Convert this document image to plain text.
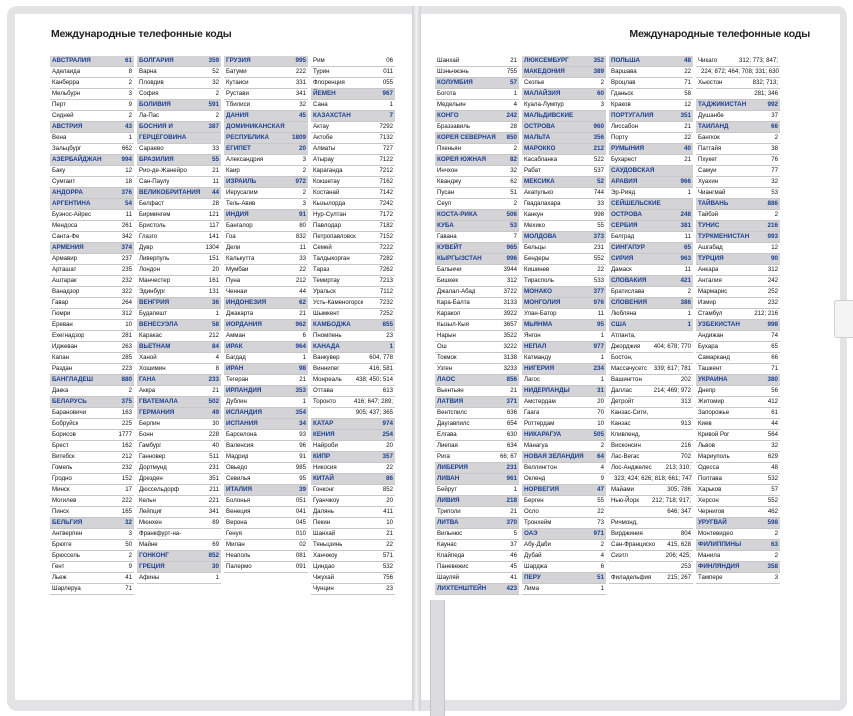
Международные телефонные коды
АВСТРАЛИЯ	61
Аделаида	8
Канберра	2
Мельбурн	3
Перт	9
Сидней	2
АВСТРИЯ	43
Вена	1
Зальцбург	662
АЗЕРБАЙДЖАН	994
Баку	12
Сумгаит	18
АНДОРРА	376
АРГЕНТИНА	54
Буэнос-Айрес	11
Мендоса	261
Санта-Фе	342
АРМЕНИЯ	374
Армавир	237
Арташат	235
Аштарак	232
Ванадзор	322
Гавар	264
Гюмри	312
Ереван	10
Ехегнадзор	281
Иджеван	263
Капан	285
Раздан	223
БАНГЛАДЕШ	880
Дакка	2
БЕЛАРУСЬ	375
Барановичи	163
Бобруйск	225
Борисов	1777
Брест	162
Витебск	212
Гомель	232
Гродно	152
Минск	17
Могилев	222
Пинск	165
БЕЛЬГИЯ	32
Антверпен	3
Брюгге	50
Брюссель	2
Гент	9
Льеж	41
Шарлеруа	71
БОЛГАРИЯ	359
Варна	52
Пловдив	32
София	2
БОЛИВИЯ	591
Ла-Пас	2
БОСНИЯ И	387
ГЕРЦЕГОВИНА
Сараево	33
БРАЗИЛИЯ	55
Рио-де-Жанейро	21
Сан-Паулу	11
ВЕЛИКОБРИТАНИЯ 44
Белфаст	28
Бирмингем	121
Бристоль	117
Глазго	141
Дувр	1304
Ливерпуль	151
Лондон	20
Манчестер	161
Эдинбург	131
ВЕНГРИЯ	36
Будапешт	1
ВЕНЕСУЭЛА	58
Каракас	212
ВЬЕТНАМ	84
Ханой	4
Хошимин	8
ГАНА	233
Аккра	21
ГВАТЕМАЛА	502
ГЕРМАНИЯ	49
Берлин	30
Бонн	228
Гамбург	40
Ганновер	511
Дортмунд	231
Дрезден	351
Дюссельдорф	211
Кельн	221
Лейпциг	341
Мюнхен	89
Франкфурт-на-
Майне	69
ГОНКОНГ	852
ГРЕЦИЯ	30
Афины	1
ГРУЗИЯ	995
Батуми	222
Кутаиси	331
Рустави	341
Тбилиси	32
ДАНИЯ	45
ДОМИНИКАНСКАЯ
РЕСПУБЛИКА	1809
ЕГИПЕТ	20
Александрия	3
Каир	2
ИЗРАИЛЬ	972
Иерусалим	2
Тель-Авив	3
ИНДИЯ	91
Бангалор	80
Гоа	832
Дели	11
Калькутта	33
Мумбаи	22
Пуна	212
Ченнаи	44
ИНДОНЕЗИЯ	62
Джакарта	21
ИОРДАНИЯ	962
Амман	6
ИРАК	964
Багдад	1
ИРАН	98
Тегеран	21
ИРЛАНДИЯ	353
Дублин	1
ИСЛАНДИЯ	354
ИСПАНИЯ	34
Барселона	93
Валенсия	96
Мадрид	91
Овьедо	985
Севилья	95
ИТАЛИЯ	39
Болонья	051
Венеция	041
Верона	045
Генуя	010
Милан	02
Неаполь	081
Палермо	091
Рим	06
Турин	011
Флоренция	055
ЙЕМЕН	967
Сана	1
КАЗАХСТАН	7
Актау	7292
Актобе	7132
Алматы	727
Атырау	7122
Караганда	7212
Кокшетау	7162
Костанай	7142
Кызылорда	7242
Нур-Султан	7172
Павлодар	7182
Петропавловск	7152
Семей	7222
Талдыкорган	7282
Тараз	7262
Темиртау	7213
Уральск	7112
Усть-Каменогорск	7232
Шымкент	7252
КАМБОДЖА	855
Пномпень	23
КАНАДА	1
Ванкувер	604, 778
Виннипег	416; 581
Монреаль 438; 450; 514
Оттава	613
Торонто	416; 647; 289;
905; 437; 365
КАТАР	974
КЕНИЯ	254
Найроби	20
КИПР	357
Никосия	22
КИТАЙ	86
Гонконг	852
Гуанчжоу	20
Далянь	411
Пекин	10
Шанхай	21
Тяньцзинь	22
Ханчжоу	571
Циндао	532
Чжухай	756
Чунцин	23
Международные телефонные коды
Шанхай	21
Шэньчжэнь	755
КОЛУМБИЯ	57
Богота	1
Медельин	4
КОНГО	242
Браззавиль	28
КОРЕЯ СЕВЕРНАЯ 850
Пхеньян	2
КОРЕЯ ЮЖНАЯ	82
Инчхон	32
Кванджу	62
Пусан	51
Сеул	2
КОСТА-РИКА	506
КУБА	53
Гавана	7
КУВЕЙТ	965
КЫРГЫЗСТАН	996
Балыкчи	3944
Бишкек	312
Джалал-Абад	3722
Кара-Балта	3133
Каракол	3922
Кызыл-Кыя	3657
Нарын	3522
Ош	3222
Токмок	3138
Узген	3233
ЛАОС	856
Вьентьян	21
ЛАТВИЯ	371
Вентспилс	636
Даугавпилс	654
Елгава	630
Лиепая	634
Рига	66; 67
ЛИБЕРИЯ	231
ЛИВАН	961
Бейрут	1
ЛИВИЯ	218
Триполи	21
ЛИТВА	370
Вильнюс	5
Каунас	37
Клайпеда	46
Паневежис	45
Шауляй	41
ЛИХТЕНШТЕЙН	423
ЛЮКСЕМБУРГ	352
МАКЕДОНИЯ	389
Скопье	2
МАЛАЙЗИЯ	60
Куала-Лумпур	3
МАЛЬДИВСКИЕ
ОСТРОВА	960
МАЛЬТА	356
МАРОККО	212
Касабланка	522
Рабат	537
МЕКСИКА	52
Акапулько	744
Гвадалахара	33
Канкун	998
Мехико	55
МОЛДОВА	373
Бельцы	231
Бендеры	552
Кишинев	22
Тирасполь	533
МОНАКО	377
МОНГОЛИЯ	976
Улан-Батор	11
МЬЯНМА	95
Янгон	1
НЕПАЛ	977
Катманду	1
НИГЕРИЯ	234
Лагос	1
НИДЕРЛАНДЫ	31
Амстердам	20
Гаага	70
Роттердам	10
НИКАРАГУА	505
Манагуа	2
НОВАЯ ЗЕЛАНДИЯ 64
Веллингтон	4
Окленд	9
НОРВЕГИЯ	47
Берген	55
Осло	22
Тронхейм	73
ОАЭ	971
Абу-Даби	2
Дубай	4
Шарджа	6
ПЕРУ	51
Лима	1
ПОЛЬША	48
Варшава	22
Вроцлав	71
Гданьск	58
Краков	12
ПОРТУГАЛИЯ	351
Лиссабон	21
Порту	22
РУМЫНИЯ	40
Бухарест	21
САУДОВСКАЯ
АРАВИЯ	966
Эр-Рияд	1
СЕЙШЕЛЬСКИЕ
ОСТРОВА	248
СЕРБИЯ	381
Белград	11
СИНГАПУР	65
СИРИЯ	963
Дамаск	11
СЛОВАКИЯ	421
Братислава	2
СЛОВЕНИЯ	386
Любляна	1
США	1
Атланта,
Джорджия 404; 678; 770
Бостон,
Массачусетс 339; 617; 781
Вашингтон	202
Даллас	214; 469; 972
Детройт	313
Канзас-Сити,
Канзас	913
Кливленд,
Висконсин	216
Лас-Вегас	702
Лос-Анджелес 213; 310;
323; 424; 626; 818; 661; 747
Майами	305; 786
Нью-Йорк 212; 718; 917;
646; 347
Ричмонд,
Вирджиния	804
Сан-Франциско 415, 628
Сиэтл	206; 425;
253
Филадельфия	215; 267
Чикаго	312; 773; 847;
224; 872; 464; 708; 331; 630
Хьюстон	832; 713;
281; 346
ТАДЖИКИСТАН	992
Душанбе	37
ТАИЛАНД	66
Бангкок	2
Паттайя	38
Пхукет	76
Самуи	77
Хуахин	32
Чиангмай	53
ТАЙВАНЬ	886
Тайбэй	2
ТУНИС	216
ТУРКМЕНИСТАН	993
Ашгабад	12
ТУРЦИЯ	90
Анкара	312
Анталия	242
Мармарис	252
Измир	232
Стамбул	212; 216
УЗБЕКИСТАН	998
Андижан	74
Бухара	65
Самарканд	66
Ташкент	71
УКРАИНА	380
Днепр	56
Житомир	412
Запорожье	61
Киев	44
Кривой Рог	564
Львов	32
Мариуполь	629
Одесса	48
Полтава	532
Харьков	57
Херсон	552
Чернигов	462
УРУГВАЙ	598
Монтевидео	2
ФИЛИППИНЫ	63
Манила	2
ФИНЛЯНДИЯ	358
Тампере	3
